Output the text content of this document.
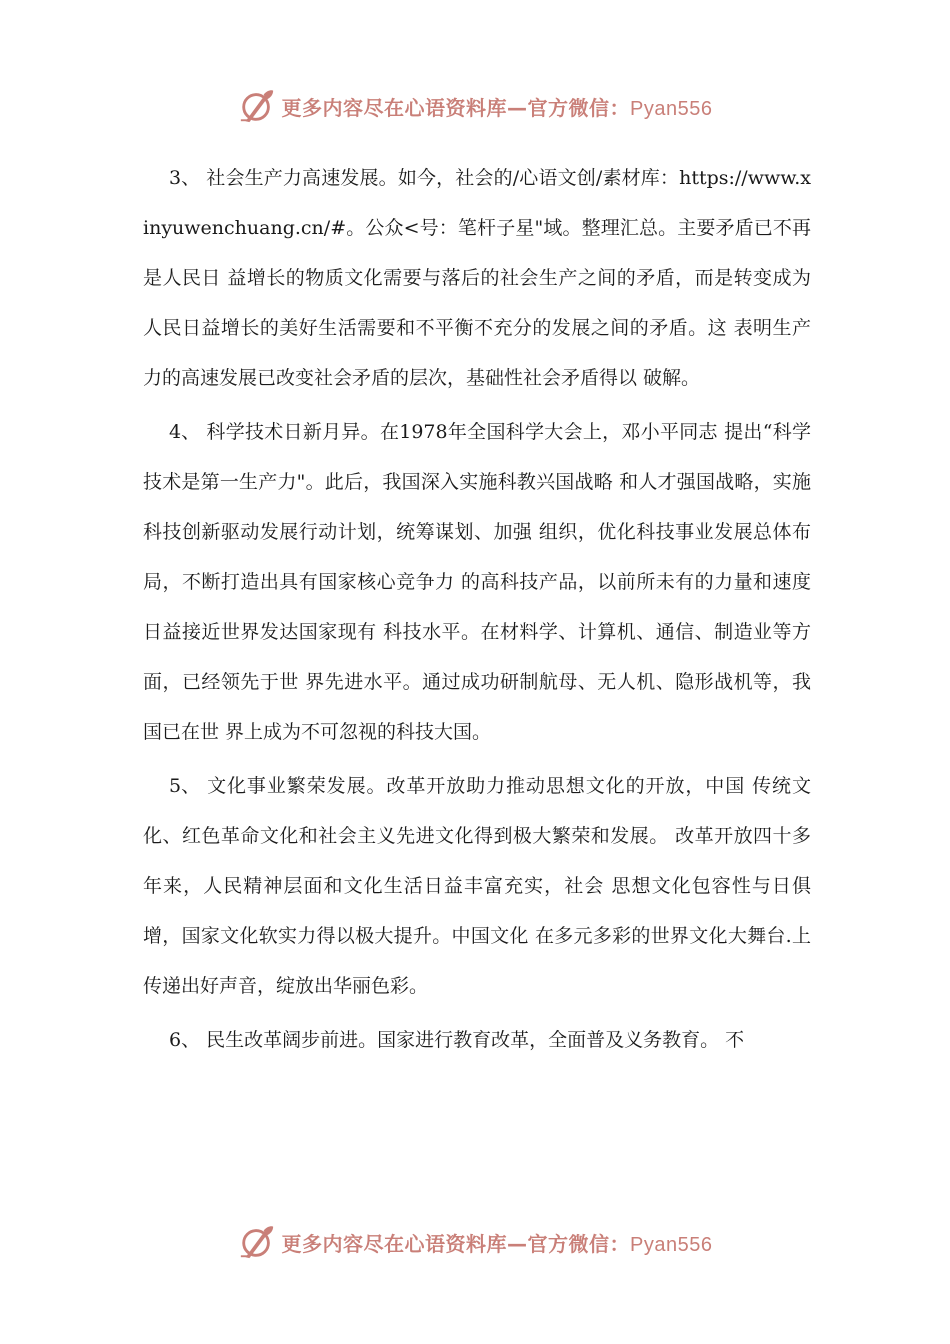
更多内容尽在心语资料库—官方微信：Pyan556

3、 社会生产力高速发展。如今，社会的/心语文创/素材库：https://www.xinyuwenchuang.cn/#。公众<号：笔杆子星"域。整理汇总。主要矛盾已不再是人民日 益增长的物质文化需要与落后的社会生产之间的矛盾，而是转变成为 人民日益增长的美好生活需要和不平衡不充分的发展之间的矛盾。这 表明生产力的高速发展已改变社会矛盾的层次，基础性社会矛盾得以 破解。

4、 科学技术日新月异。在1978年全国科学大会上，邓小平同志 提出“科学技术是第一生产力"。此后，我国深入实施科教兴国战略 和人才强国战略，实施科技创新驱动发展行动计划，统筹谋划、加强 组织，优化科技事业发展总体布局，不断打造出具有国家核心竞争力 的高科技产品，以前所未有的力量和速度日益接近世界发达国家现有 科技水平。在材料学、计算机、通信、制造业等方面，已经领先于世 界先进水平。通过成功研制航母、无人机、隐形战机等，我国已在世 界上成为不可忽视的科技大国。

5、 文化事业繁荣发展。改革开放助力推动思想文化的开放，中国 传统文化、红色革命文化和社会主义先进文化得到极大繁荣和发展。 改革开放四十多年来，人民精神层面和文化生活日益丰富充实，社会 思想文化包容性与日俱增，国家文化软实力得以极大提升。中国文化 在多元多彩的世界文化大舞台.上传递出好声音，绽放出华丽色彩。

6、 民生改革阔步前进。国家进行教育改革，全面普及义务教育。 不

更多内容尽在心语资料库—官方微信：Pyan556
